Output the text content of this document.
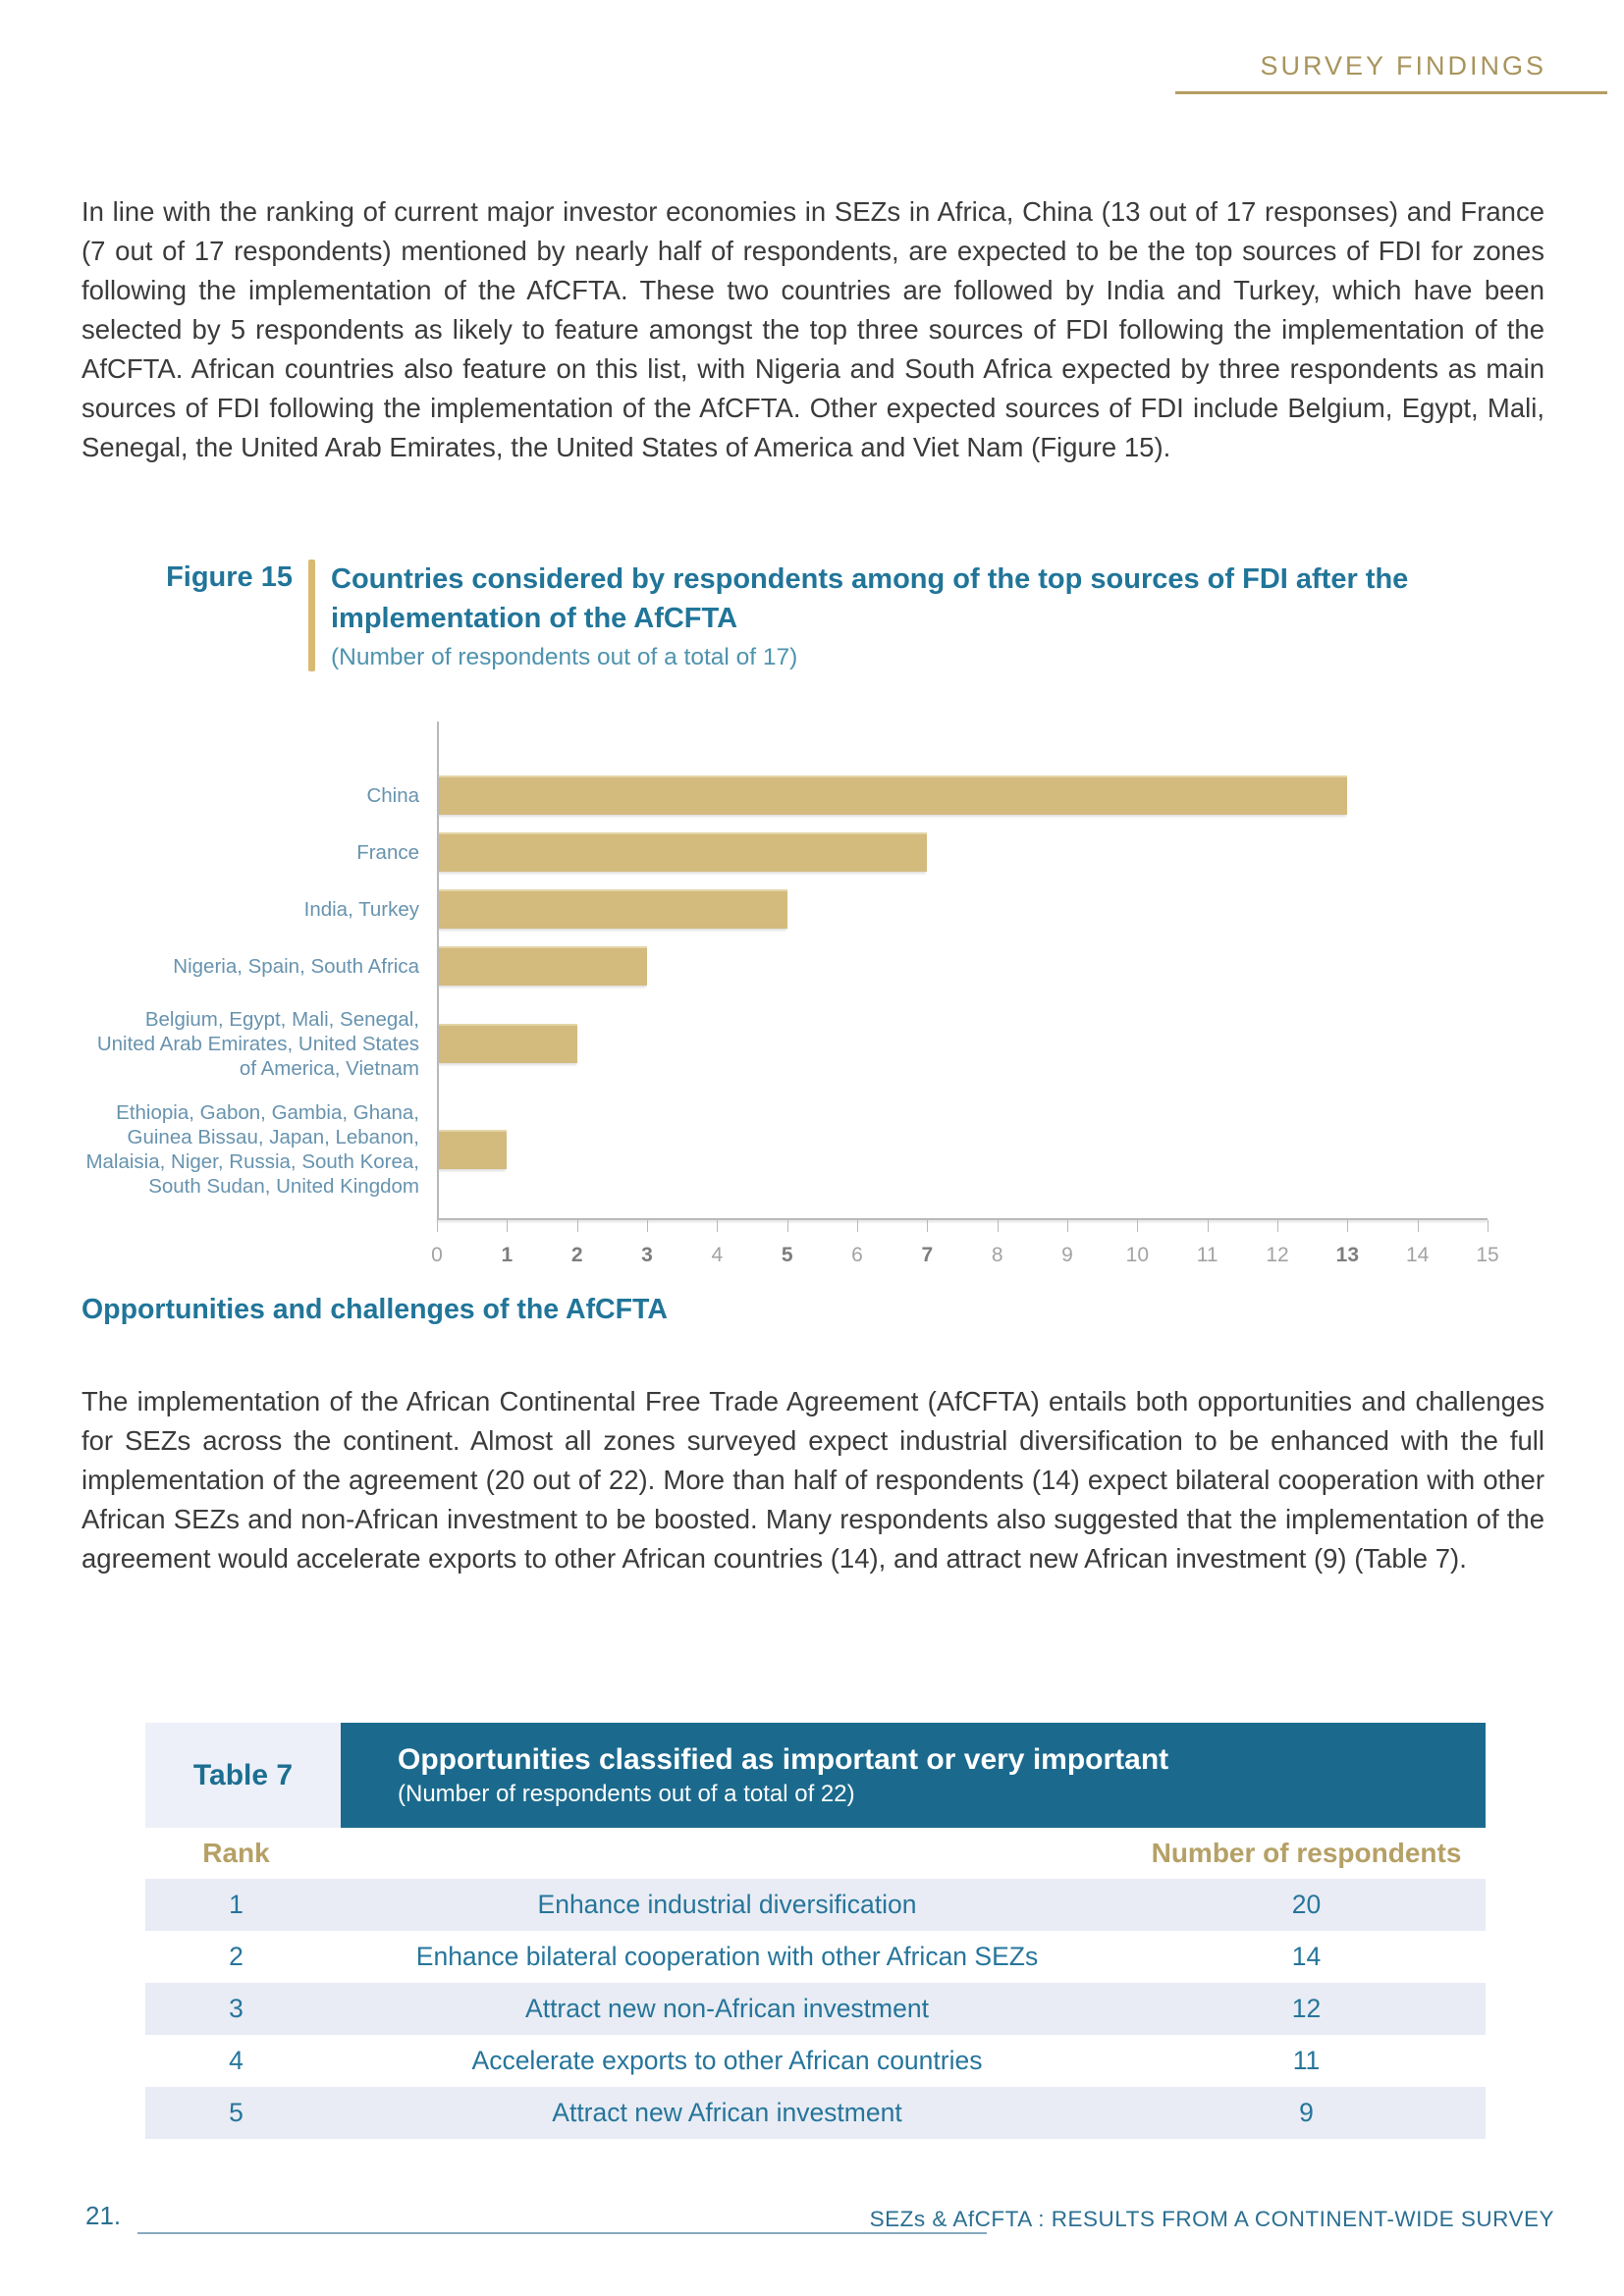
SURVEY FINDINGS

In line with the ranking of current major investor economies in SEZs in Africa, China (13 out of 17 responses) and France (7 out of 17 respondents) mentioned by nearly half of respondents, are expected to be the top sources of FDI for zones following the implementation of the AfCFTA. These two countries are followed by India and Turkey, which have been selected by 5 respondents as likely to feature amongst the top three sources of FDI following the implementation of the AfCFTA. African countries also feature on this list, with Nigeria and South Africa expected by three respondents as main sources of FDI following the implementation of the AfCFTA. Other expected sources of FDI include Belgium, Egypt, Mali, Senegal, the United Arab Emirates, the United States of America and Viet Nam (Figure 15).

Figure 15 Countries considered by respondents among of the top sources of FDI after the implementation of the AfCFTA
(Number of respondents out of a total of 17)
China
France
India, Turkey
Nigeria, Spain, South Africa
Belgium, Egypt, Mali, Senegal, United Arab Emirates, United States of America, Vietnam
Ethiopia, Gabon, Gambia, Ghana, Guinea Bissau, Japan, Lebanon, Malaisia, Niger, Russia, South Korea, South Sudan, United Kingdom
0	1	2	3	4	5	6	7	8	9	10 11 12 13 14 15
Opportunities and challenges of the AfCFTA

The implementation of the African Continental Free Trade Agreement (AfCFTA) entails both opportunities and challenges for SEZs across the continent. Almost all zones surveyed expect industrial diversification to be enhanced with the full implementation of the agreement (20 out of 22). More than half of respondents (14) expect bilateral cooperation with other African SEZs and non-African investment to be boosted. Many respondents also suggested that the implementation of the agreement would accelerate exports to other African countries (14), and attract new African investment (9) (Table 7).

Table 7	Opportunities classified as important or very important
(Number of respondents out of a total of 22)
Rank	Number of respondents
1	Enhance industrial diversification	20
2	Enhance bilateral cooperation with other African SEZs	14
3	Attract new non-African investment	12
4	Accelerate exports to other African countries	11
5	Attract new African investment	9
21.	SEZs & AfCFTA : RESULTS FROM A CONTINENT-WIDE SURVEY
